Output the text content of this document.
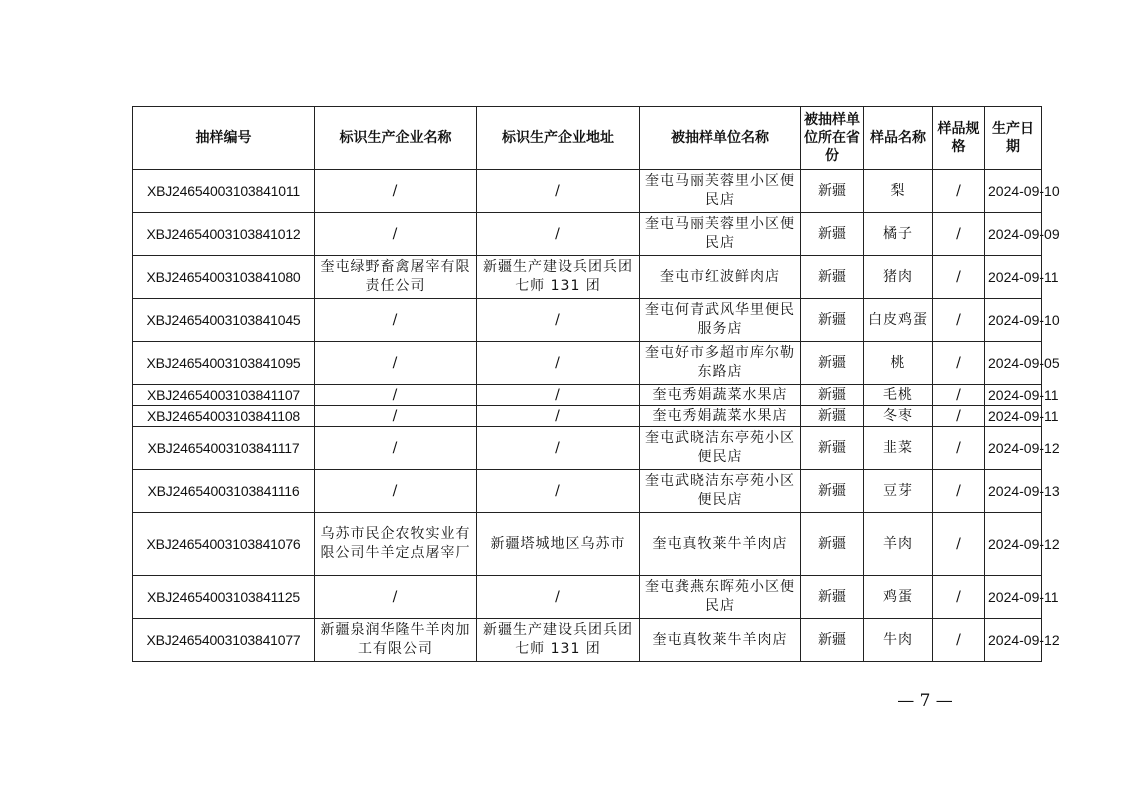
抽样编号	标识生产企业名称	标识生产企业地址	被抽样单位名称	被抽样单位所在省份	样品名称	样品规格	生产日期
XBJ24654003103841011	/	/	奎屯马丽芙蓉里小区便民店	新疆	梨	/	2024-09-10
XBJ24654003103841012	/	/	奎屯马丽芙蓉里小区便民店	新疆	橘子	/	2024-09-09
XBJ24654003103841080	奎屯绿野畜禽屠宰有限责任公司	新疆生产建设兵团兵团七师 131 团	奎屯市红波鲜肉店	新疆	猪肉	/	2024-09-11
XBJ24654003103841045	/	/	奎屯何青武风华里便民服务店	新疆	白皮鸡蛋	/	2024-09-10
XBJ24654003103841095	/	/	奎屯好市多超市库尔勒东路店	新疆	桃	/	2024-09-05
XBJ24654003103841107	/	/	奎屯秀娟蔬菜水果店	新疆	毛桃	/	2024-09-11
XBJ24654003103841108	/	/	奎屯秀娟蔬菜水果店	新疆	冬枣	/	2024-09-11
XBJ24654003103841117	/	/	奎屯武晓洁东亭苑小区便民店	新疆	韭菜	/	2024-09-12
XBJ24654003103841116	/	/	奎屯武晓洁东亭苑小区便民店	新疆	豆芽	/	2024-09-13
XBJ24654003103841076	乌苏市民企农牧实业有限公司牛羊定点屠宰厂	新疆塔城地区乌苏市	奎屯真牧莱牛羊肉店	新疆	羊肉	/	2024-09-12
XBJ24654003103841125	/	/	奎屯龚燕东晖苑小区便民店	新疆	鸡蛋	/	2024-09-11
XBJ24654003103841077	新疆泉润华隆牛羊肉加工有限公司	新疆生产建设兵团兵团七师 131 团	奎屯真牧莱牛羊肉店	新疆	牛肉	/	2024-09-12
— 7 —
